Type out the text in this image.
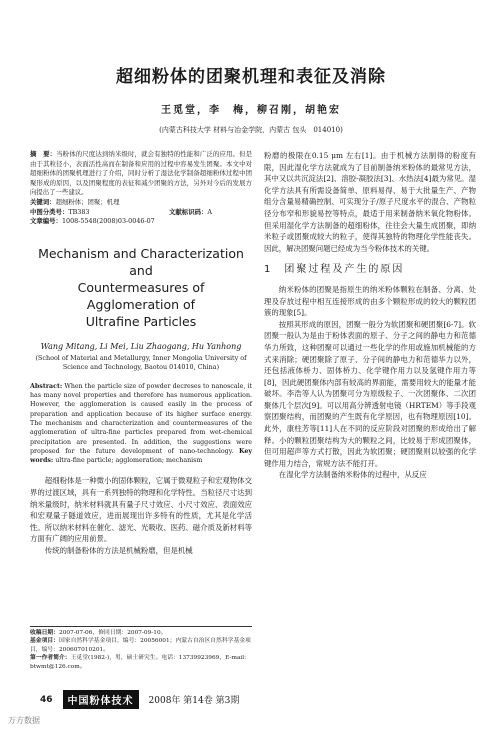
超细粉体的团聚机理和表征及消除
王觅堂，李　梅，柳召刚，胡艳宏
(内蒙古科技大学 材料与冶金学院，内蒙古 包头　014010)
摘　要：当粉体的尺度达到纳米级时，就会有独特的性能和广泛的应用。但是由于其粒径小，表面活性高而在制备和应用的过程中容易发生团聚。本文中对超细粉体的团聚机理进行了介绍，同时分析了湿法化学制备超细粉体过程中团聚形成的原因，以及团聚程度的表征和减少团聚的方法，另外对今后的发展方向提出了一些建议。
关键词：超细粉体；团聚；机理
中图分类号：TB383	文献标识码：A
文章编号：1008-5548(2008)03-0046-07
Mechanism and Characterization and
Countermeasures of Agglomeration of
Ultrafine Particles
Wang Mitang, Li Mei, Liu Zhaogang, Hu Yanhong
(School of Material and Metallurgy, Inner Mongolia University of
Science and Technology, Baotou 014010, China)
Abstract: When the particle size of powder decreses to nanoscale, it has many novel properties and therefore has numerous application. However, the agglomeration is caused easily in the process of preparation and application because of its higher surface energy. The mechanism and characterization and countermeasures of the agglomeration of ultra-fine particles prepared from wet-chemical precipitation are presented. In addition, the suggestions were proposed for the future development of nano-technology. Key words: ultra-fine particle; agglomeration; mechanism

超细粉体是一种微小的固体颗粒，它属于微观粒子和宏观物体交界的过渡区域，具有一系列独特的物理和化学特性。当粒径尺寸达到纳米量级时，纳米材料就具有量子尺寸效应、小尺寸效应、表面效应和宏观量子隧道效应，进而展现出许多特有的性质，尤其是化学活性。所以纳米材料在催化、滤光、光吸收、医药、磁介质及新材料等方面有广阔的应用前景。

传统的制备粉体的方法是机械粉磨，但是机械

收稿日期：2007-07-06，修回日期：2007-09-10。
基金项目：国家自然科学基金项目，编号：20056001；内蒙古自治区自然科学基金项目，编号：200607010201。
第一作者简介：王觅堂(1982-)，男，硕士研究生。电话：13739923969，E-mail: btwmt@126.com。

粉磨的极限在0.15 μm 左右[1]。由于机械方法制得的粉度有限，因此湿化学方法就成为了目前制备纳米粉体的最常见方法，其中又以共沉淀法[2]、溶胶-凝胶法[3]、水热法[4]最为常见。湿化学方法具有所需设备简单、原料易得、易于大批量生产、产物组分含量易精确控制、可实现分子/原子尺度水平的混合、产物粒径分布窄和形貌易控等特点，最适于用来制备纳米氧化物粉体。但采用湿化学方法制备的超细粉体，往往会大量生成团聚，即纳米粒子或团聚成较大的粒子，使得其独特的物理化学性能丧失。因此，解决团聚问题已经成为当今粉体技术的关键。

1　团聚过程及产生的原因

纳米粉体的团聚是指原生的纳米粉体颗粒在制备、分离、处理及存放过程中相互连接形成的由多个颗粒形成的较大的颗粒团簇的现象[5]。

按照其形成的原因，团聚一般分为软团聚和硬团聚[6-7]。软团聚一般认为是由于粉体表面的原子、分子之间的静电力和范德华力所致，这种团聚可以通过一些化学的作用或施加机械能的方式来消除；硬团聚除了原子、分子间的静电力和范德华力以外，还包括液体桥力、固体桥力、化学键作用力以及氢键作用力等[8]，因此硬团聚体内部有较高的界面能，需要用较大的能量才能破坏。李浩等人认为团聚可分为原级粒子、一次团聚体、二次团聚体几个层次[9]。可以用高分辨透射电镜（HRTEM）等手段观察团聚结构，而团聚的产生既有化学原因，也有物理原因[10]。此外，康柱芳等[11]人在不同的反应阶段对团聚的形成给出了解释。小的颗粒团聚结构为大的颗粒之间，比较易于形成团聚体，但可用超声等方式打散，因此为软团聚；硬团聚则以较强的化学键作用力结合，常规方法不能打开。

在湿化学方法制备纳米粉体的过程中，从反应

46	中国粉体技术	2008年 第14卷 第3期
万方数据
